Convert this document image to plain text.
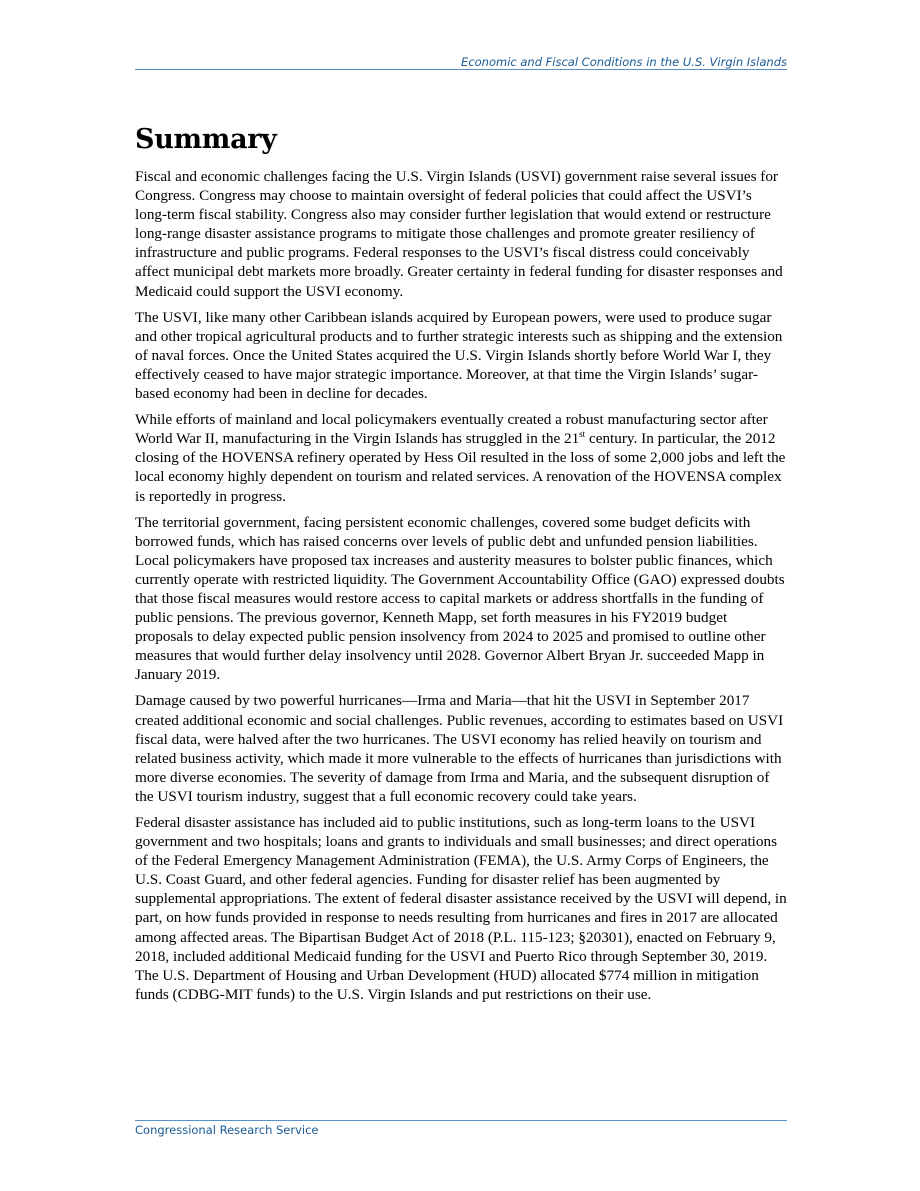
Economic and Fiscal Conditions in the U.S. Virgin Islands
Summary

Fiscal and economic challenges facing the U.S. Virgin Islands (USVI) government raise several issues for Congress. Congress may choose to maintain oversight of federal policies that could affect the USVI’s long-term fiscal stability. Congress also may consider further legislation that would extend or restructure long-range disaster assistance programs to mitigate those challenges and promote greater resiliency of infrastructure and public programs. Federal responses to the USVI’s fiscal distress could conceivably affect municipal debt markets more broadly. Greater certainty in federal funding for disaster responses and Medicaid could support the USVI economy.

The USVI, like many other Caribbean islands acquired by European powers, were used to produce sugar and other tropical agricultural products and to further strategic interests such as shipping and the extension of naval forces. Once the United States acquired the U.S. Virgin Islands shortly before World War I, they effectively ceased to have major strategic importance. Moreover, at that time the Virgin Islands’ sugar-based economy had been in decline for decades.

While efforts of mainland and local policymakers eventually created a robust manufacturing sector after World War II, manufacturing in the Virgin Islands has struggled in the 21st century. In particular, the 2012 closing of the HOVENSA refinery operated by Hess Oil resulted in the loss of some 2,000 jobs and left the local economy highly dependent on tourism and related services. A renovation of the HOVENSA complex is reportedly in progress.

The territorial government, facing persistent economic challenges, covered some budget deficits with borrowed funds, which has raised concerns over levels of public debt and unfunded pension liabilities. Local policymakers have proposed tax increases and austerity measures to bolster public finances, which currently operate with restricted liquidity. The Government Accountability Office (GAO) expressed doubts that those fiscal measures would restore access to capital markets or address shortfalls in the funding of public pensions. The previous governor, Kenneth Mapp, set forth measures in his FY2019 budget proposals to delay expected public pension insolvency from 2024 to 2025 and promised to outline other measures that would further delay insolvency until 2028. Governor Albert Bryan Jr. succeeded Mapp in January 2019.

Damage caused by two powerful hurricanes—Irma and Maria—that hit the USVI in September 2017 created additional economic and social challenges. Public revenues, according to estimates based on USVI fiscal data, were halved after the two hurricanes. The USVI economy has relied heavily on tourism and related business activity, which made it more vulnerable to the effects of hurricanes than jurisdictions with more diverse economies. The severity of damage from Irma and Maria, and the subsequent disruption of the USVI tourism industry, suggest that a full economic recovery could take years.

Federal disaster assistance has included aid to public institutions, such as long-term loans to the USVI government and two hospitals; loans and grants to individuals and small businesses; and direct operations of the Federal Emergency Management Administration (FEMA), the U.S. Army Corps of Engineers, the U.S. Coast Guard, and other federal agencies. Funding for disaster relief has been augmented by supplemental appropriations. The extent of federal disaster assistance received by the USVI will depend, in part, on how funds provided in response to needs resulting from hurricanes and fires in 2017 are allocated among affected areas. The Bipartisan Budget Act of 2018 (P.L. 115-123; §20301), enacted on February 9, 2018, included additional Medicaid funding for the USVI and Puerto Rico through September 30, 2019. The U.S. Department of Housing and Urban Development (HUD) allocated $774 million in mitigation funds (CDBG-MIT funds) to the U.S. Virgin Islands and put restrictions on their use.

Congressional Research Service
